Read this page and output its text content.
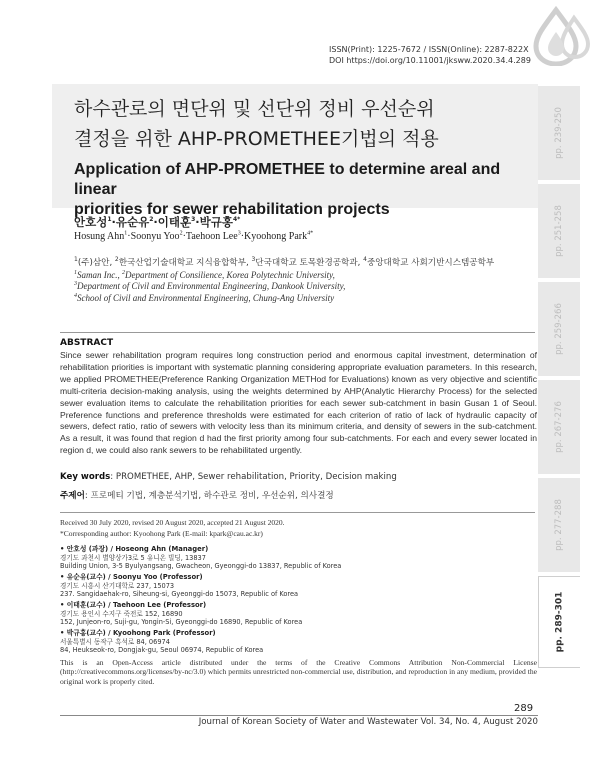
ISSN(Print): 1225-7672 / ISSN(Online): 2287-822X
DOI https://doi.org/10.11001/jksww.2020.34.4.289
pp. 239-250
pp. 251-258
pp. 259-266
pp. 267-276
pp. 277-288
pp. 289-301
하수관로의 면단위 및 선단위 정비 우선순위
결정을 위한 AHP-PROMETHEE기법의 적용
Application of AHP-PROMETHEE to determine areal and linear
priorities for sewer rehabilitation projects
안호성$^1$·유순유$^2$·이태훈$^3$·박규홍$^{4*}$
Hosung Ahn$^1$·Soonyu Yoo$^2$·Taehoon Lee$^3$·Kyoohong Park$^{4*}$
$^1$(주)삼안, $^2$한국산업기술대학교 지식융합학부, $^3$단국대학교 토목환경공학과, $^4$중앙대학교 사회기반시스템공학부
$^1$Saman Inc., $^2$Department of Consilience, Korea Polytechnic University,
$^3$Department of Civil and Environmental Engineering, Dankook University,
$^4$School of Civil and Environmental Engineering, Chung-Ang University
ABSTRACT
Since sewer rehabilitation program requires long construction period and enormous capital investment, determination of rehabilitation priorities is important with systematic planning considering appropriate evaluation parameters. In this research, we applied PROMETHEE(Preference Ranking Organization METHod for Evaluations) known as very objective and scientific multi-criteria decision-making analysis, using the weights determined by AHP(Analytic Hierarchy Process) for the selected sewer evaluation items to calculate the rehabilitation priorities for each sewer sub-catchment in basin Gusan 1 of Seoul. Preference functions and preference thresholds were estimated for each criterion of ratio of lack of hydraulic capacity of sewers, defect ratio, ratio of sewers with velocity less than its minimum criteria, and density of sewers in the sub-catchment. As a result, it was found that region d had the first priority among four sub-catchments. For each and every sewer located in region d, we could also rank sewers to be rehabilitated urgently.
Key words: PROMETHEE, AHP, Sewer rehabilitation, Priority, Decision making
주제어: 프로메티 기법, 계층분석기법, 하수관로 정비, 우선순위, 의사결정
Received 30 July 2020, revised 20 August 2020, accepted 21 August 2020.
*Corresponding author: Kyoohong Park (E-mail: kpark@cau.ac.kr)
• 안호성 (과장) / Hoseong Ahn (Manager)
경기도 과천시 별양상가3로 5 유니온 빌딩, 13837
Building Union, 3-5 Byulyangsang, Gwacheon, Gyeonggi-do 13837, Republic of Korea
• 유순유(교수) / Soonyu Yoo (Professor)
경기도 시흥시 산기대학로 237, 15073
237. Sangidaehak-ro, Siheung-si, Gyeonggi-do 15073, Republic of Korea
• 이태훈(교수) / Taehoon Lee (Professor)
경기도 용인시 수지구 죽전로 152, 16890
152, Junjeon-ro, Suji-gu, Yongin-Si, Gyeonggi-do 16890, Republic of Korea
• 박규홍(교수) / Kyoohong Park (Professor)
서울특별시 동작구 흑석로 84, 06974
84, Heukseok-ro, Dongjak-gu, Seoul 06974, Republic of Korea
This is an Open-Access article distributed under the terms of the Creative Commons Attribution Non-Commercial License (http://creativecommons.org/licenses/by-nc/3.0) which permits unrestricted non-commercial use, distribution, and reproduction in any medium, provided the original work is properly cited.
289
Journal of Korean Society of Water and Wastewater Vol. 34, No. 4, August 2020
